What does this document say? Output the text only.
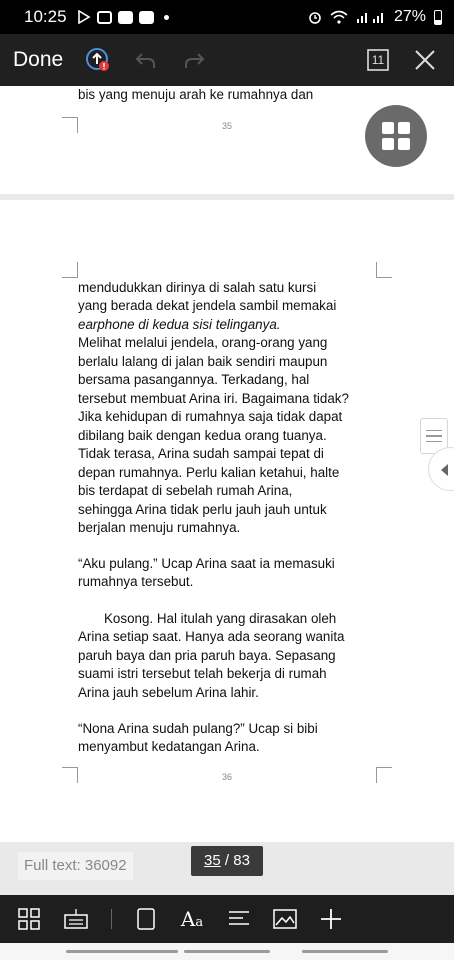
10:25	27%
Done	11
bis yang menuju arah ke rumahnya dan
35
mendudukkan dirinya di salah satu kursi
yang berada dekat jendela sambil memakai
earphone di kedua sisi telinganya.
Melihat melalui jendela, orang-orang yang
berlalu lalang di jalan baik sendiri maupun
bersama pasangannya. Terkadang, hal
tersebut membuat Arina iri. Bagaimana tidak?
Jika kehidupan di rumahnya saja tidak dapat
dibilang baik dengan kedua orang tuanya.
Tidak terasa, Arina sudah sampai tepat di
depan rumahnya. Perlu kalian ketahui, halte
bis terdapat di sebelah rumah Arina,
sehingga Arina tidak perlu jauh jauh untuk
berjalan menuju rumahnya.
“Aku pulang.” Ucap Arina saat ia memasuki
rumahnya tersebut.
Kosong. Hal itulah yang dirasakan oleh
Arina setiap saat. Hanya ada seorang wanita
paruh baya dan pria paruh baya. Sepasang
suami istri tersebut telah bekerja di rumah
Arina jauh sebelum Arina lahir.
“Nona Arina sudah pulang?” Ucap si bibi
menyambut kedatangan Arina.
36
Full text: 36092	35 / 83
Aa
